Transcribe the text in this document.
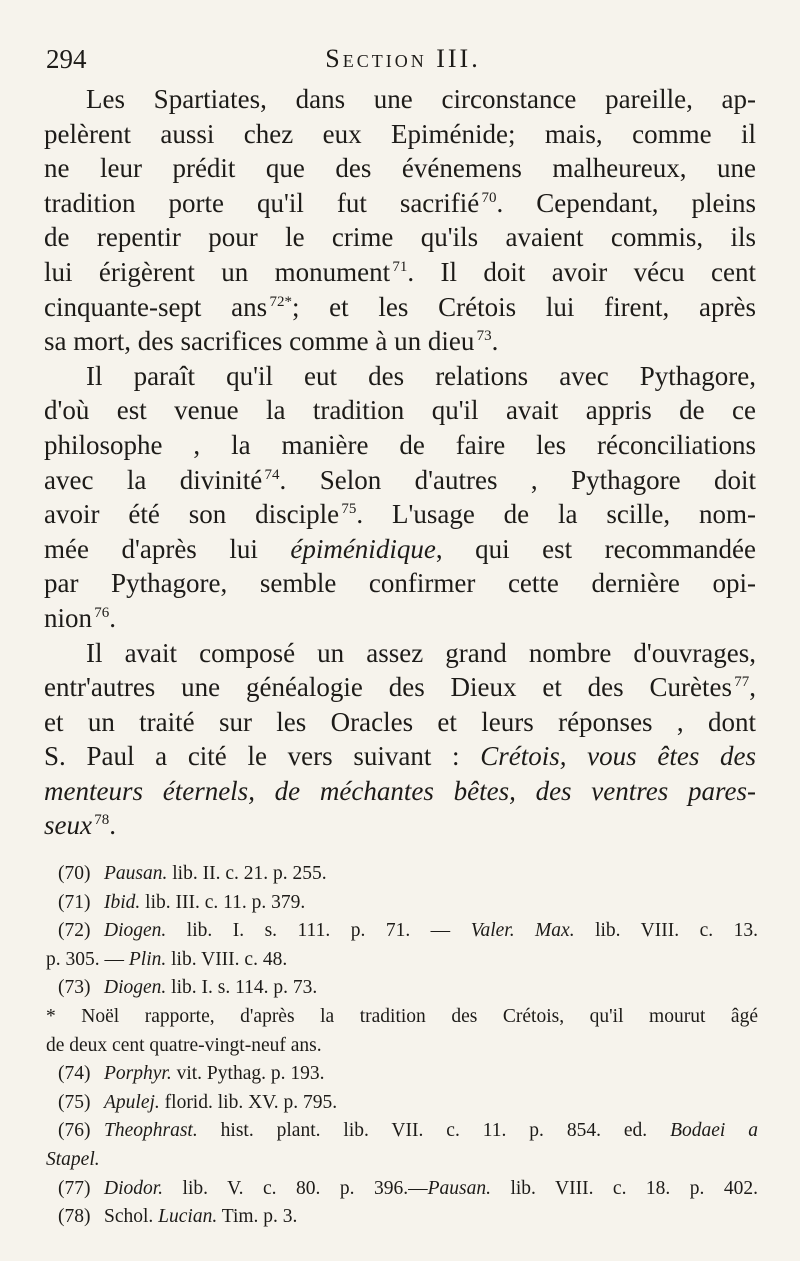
294	Section III.
Les Spartiates, dans une circonstance pareille, ap-
pelèrent aussi chez eux Epiménide; mais, comme il
ne leur prédit que des événemens malheureux, une
tradition porte qu'il fut sacrifié  $^{70}$. Cependant, pleins
de repentir pour le crime qu'ils avaient commis, ils
lui érigèrent un monument  $^{71}$. Il doit avoir vécu cent
cinquante-sept ans  $^{72*}$; et les Crétois lui firent, après
sa mort, des sacrifices comme à un dieu  $^{73}$.
Il paraît qu'il eut des relations avec Pythagore,
d'où est venue la tradition qu'il avait appris de ce
philosophe , la manière de faire les réconciliations
avec la divinité  $^{74}$. Selon d'autres , Pythagore doit
avoir été son disciple  $^{75}$. L'usage de la scille, nom-
mée d'après lui épiménidique, qui est recommandée
par Pythagore, semble confirmer cette dernière opi-
nion  $^{76}$.
Il avait composé un assez grand nombre d'ouvrages,
entr'autres une généalogie des Dieux et des Curètes  $^{77}$,
et un traité sur les Oracles et leurs réponses , dont
S. Paul a cité le vers suivant : Crétois, vous êtes des
menteurs éternels, de méchantes bêtes, des ventres pares-
seux  $^{78}$.
(70) Pausan. lib. II. c. 21. p. 255.
(71) Ibid. lib. III. c. 11. p. 379.
(72) Diogen. lib. I. s. 111. p. 71. — Valer. Max. lib. VIII. c. 13.
p. 305. — Plin. lib. VIII. c. 48.
(73) Diogen. lib. I. s. 114. p. 73.
* Noël rapporte, d'après la tradition des Crétois, qu'il mourut âgé
de deux cent quatre-vingt-neuf ans.
(74) Porphyr. vit. Pythag. p. 193.
(75) Apulej. florid. lib. XV. p. 795.
(76) Theophrast. hist. plant. lib. VII. c. 11. p. 854. ed. Bodaei a
Stapel.
(77) Diodor. lib. V. c. 80. p. 396.—Pausan. lib. VIII. c. 18. p. 402.
(78) Schol. Lucian. Tim. p. 3.
